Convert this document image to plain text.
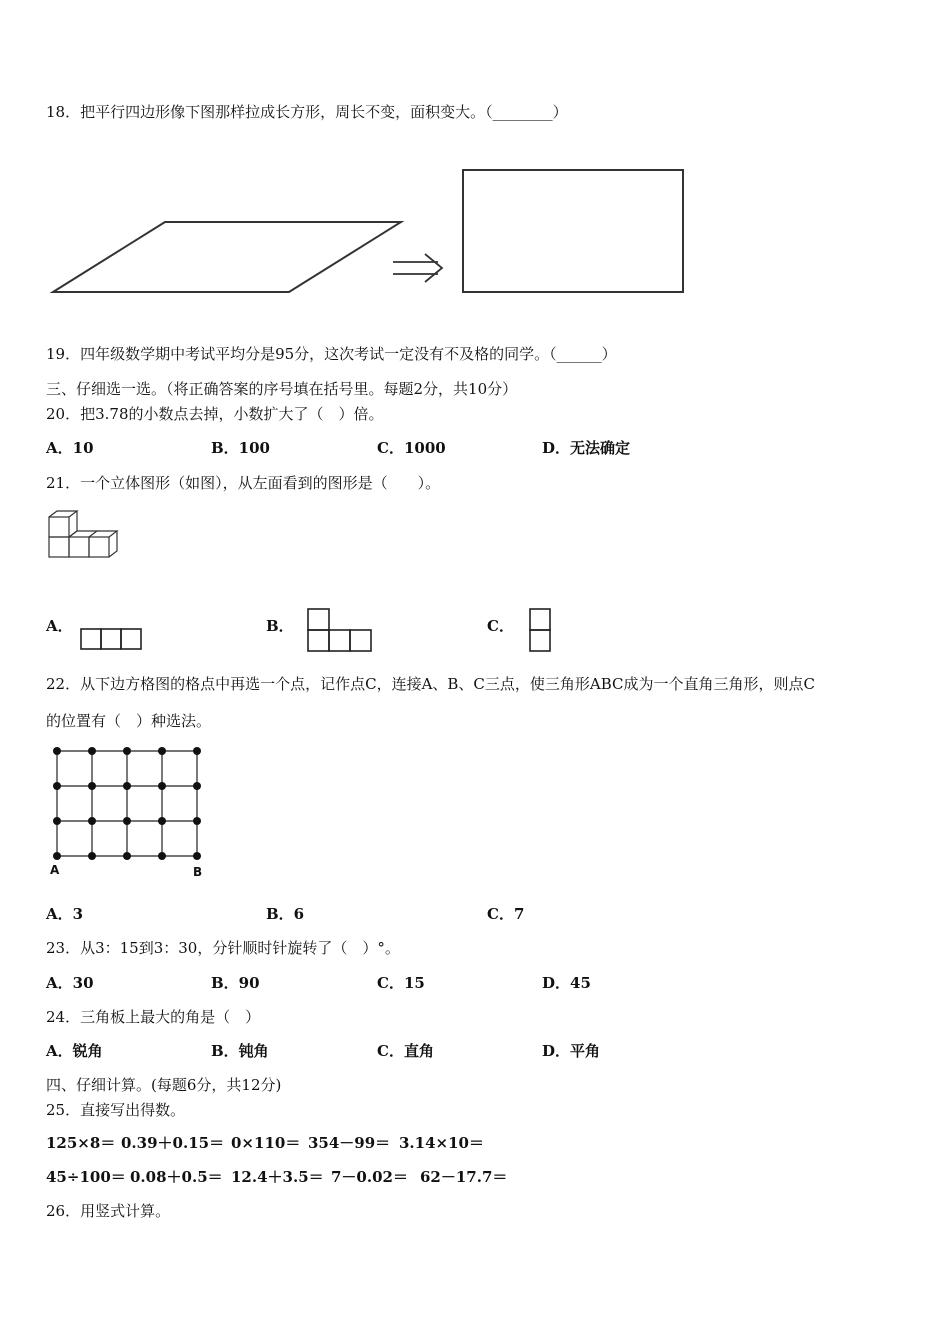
18．把平行四边形像下图那样拉成长方形，周长不变，面积变大。（________）
19．四年级数学期中考试平均分是95分，这次考试一定没有不及格的同学。（______）
三、仔细选一选。（将正确答案的序号填在括号里。每题2分，共10分）
20．把3.78的小数点去掉，小数扩大了（　）倍。
A．10	B．100	C．1000	D．无法确定
21．一个立体图形（如图），从左面看到的图形是（　　）。
A．	B．	C．
22．从下边方格图的格点中再选一个点，记作点C，连接A、B、C三点，使三角形ABC成为一个直角三角形，则点C
的位置有（　）种选法。
A	B
A．3	B．6	C．7
23．从3：15到3：30，分针顺时针旋转了（　）°。
A．30	B．90	C．15	D．45
24．三角板上最大的角是（　）
A．锐角	B．钝角	C．直角	D．平角
四、仔细计算。(每题6分，共12分)
25．直接写出得数。
125×8＝ 0.39＋0.15＝ 0×110＝ 354－99＝ 3.14×10＝
45÷100＝ 0.08＋0.5＝ 12.4＋3.5＝ 7－0.02＝ 62－17.7＝
26．用竖式计算。
